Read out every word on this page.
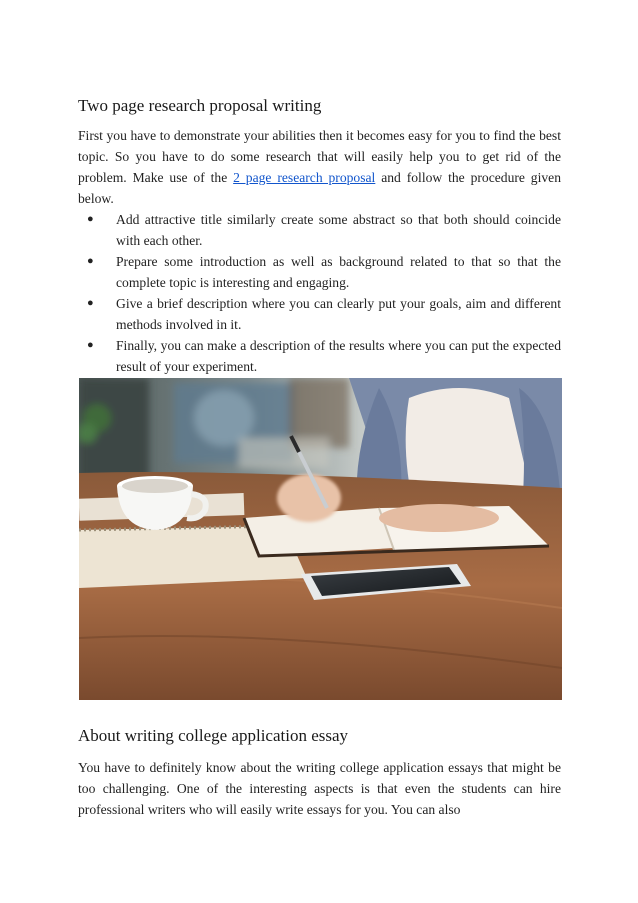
Two page research proposal writing

First you have to demonstrate your abilities then it becomes easy for you to find the best topic. So you have to do some research that will easily help you to get rid of the problem. Make use of the 2 page research proposal and follow the procedure given below.

● Add attractive title similarly create some abstract so that both should coincide with each other.
● Prepare some introduction as well as background related to that so that the complete topic is interesting and engaging.
● Give a brief description where you can clearly put your goals, aim and different methods involved in it.
● Finally, you can make a description of the results where you can put the expected result of your experiment.
About writing college application essay

You have to definitely know about the writing college application essays that might be too challenging. One of the interesting aspects is that even the students can hire professional writers who will easily write essays for you. You can also
